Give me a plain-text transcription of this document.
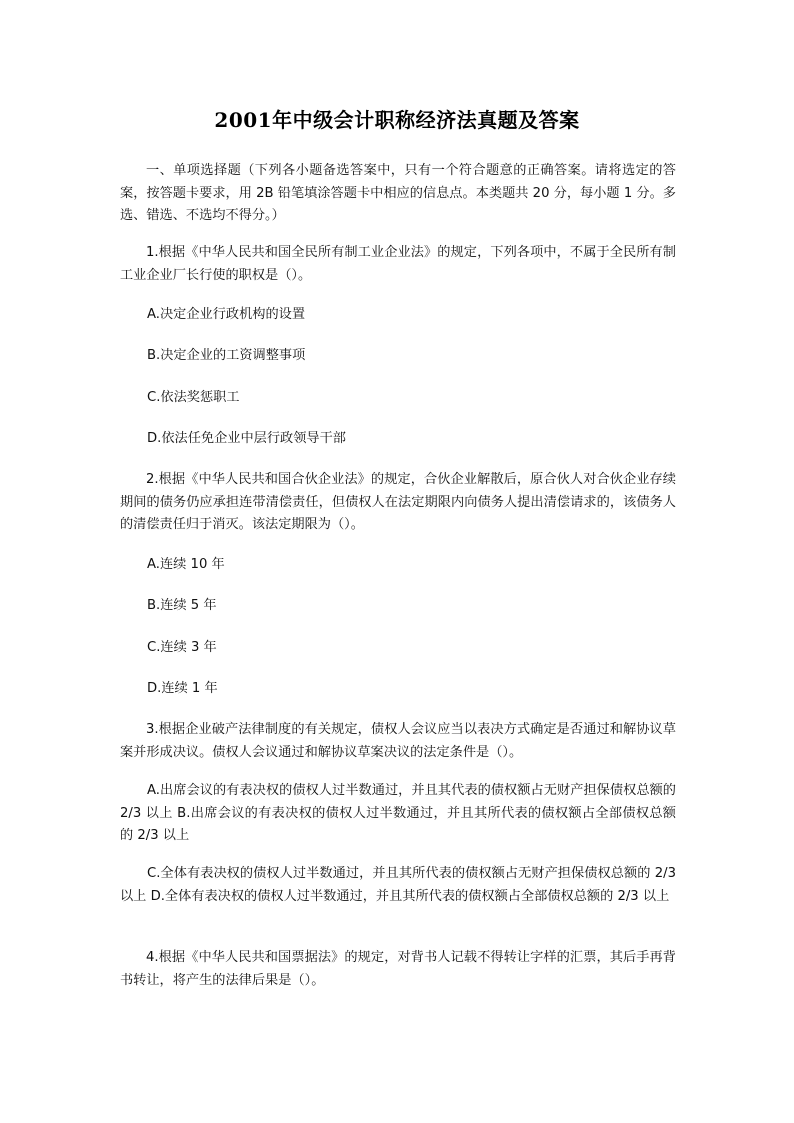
2001年中级会计职称经济法真题及答案

一、单项选择题（下列各小题备选答案中，只有一个符合题意的正确答案。请将选定的答案，按答题卡要求，用 2B 铅笔填涂答题卡中相应的信息点。本类题共 20 分，每小题 1 分。多选、错选、不选均不得分。）

1.根据《中华人民共和国全民所有制工业企业法》的规定，下列各项中，不属于全民所有制工业企业厂长行使的职权是（）。

A.决定企业行政机构的设置

B.决定企业的工资调整事项

C.依法奖惩职工

D.依法任免企业中层行政领导干部

2.根据《中华人民共和国合伙企业法》的规定，合伙企业解散后，原合伙人对合伙企业存续期间的债务仍应承担连带清偿责任，但债权人在法定期限内向债务人提出清偿请求的，该债务人的清偿责任归于消灭。该法定期限为（）。

A.连续 10 年

B.连续 5 年

C.连续 3 年

D.连续 1 年

3.根据企业破产法律制度的有关规定，债权人会议应当以表决方式确定是否通过和解协议草案并形成决议。债权人会议通过和解协议草案决议的法定条件是（）。

A.出席会议的有表决权的债权人过半数通过，并且其代表的债权额占无财产担保债权总额的 2/3 以上 B.出席会议的有表决权的债权人过半数通过，并且其所代表的债权额占全部债权总额的 2/3 以上

C.全体有表决权的债权人过半数通过，并且其所代表的债权额占无财产担保债权总额的 2/3 以上 D.全体有表决权的债权人过半数通过，并且其所代表的债权额占全部债权总额的 2/3 以上

4.根据《中华人民共和国票据法》的规定，对背书人记载不得转让字样的汇票，其后手再背书转让，将产生的法律后果是（）。
